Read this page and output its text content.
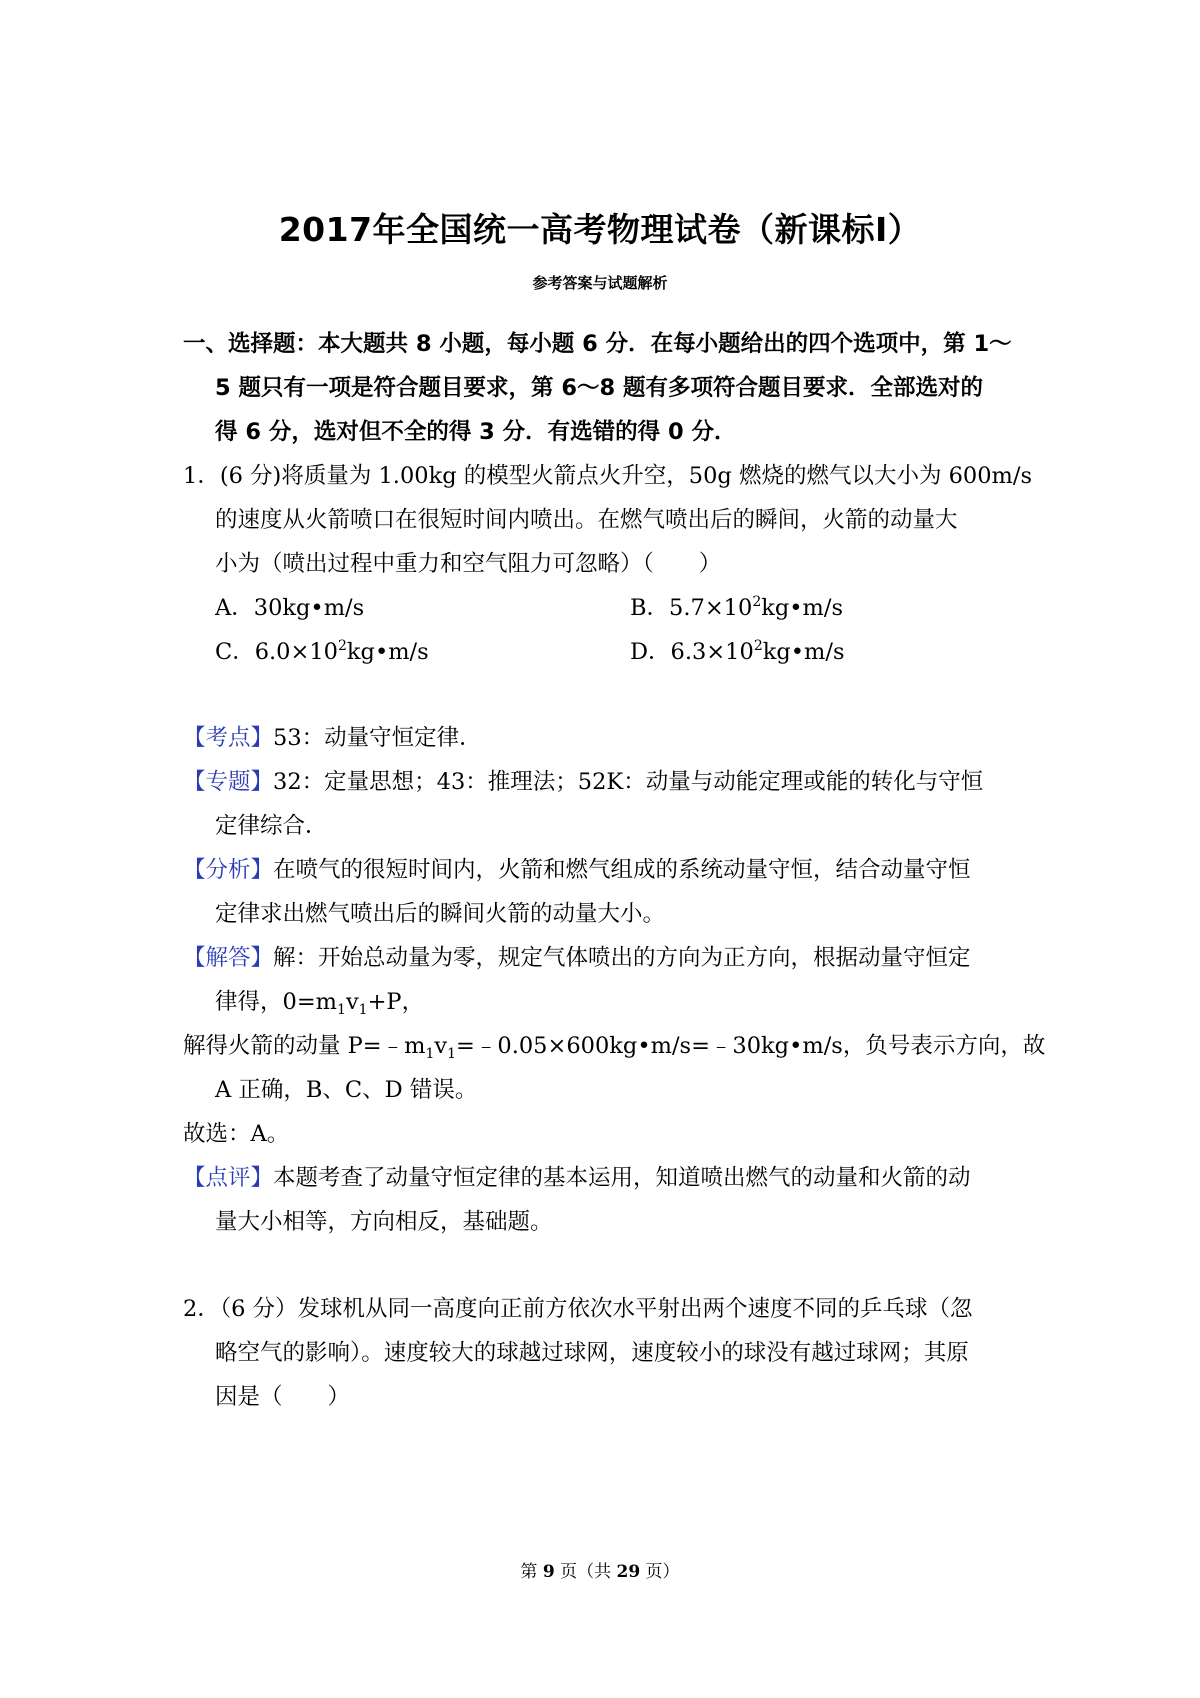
2017年全国统一高考物理试卷（新课标Ⅰ）
参考答案与试题解析
一、选择题：本大题共 8 小题，每小题 6 分．在每小题给出的四个选项中，第 1～
5 题只有一项是符合题目要求，第 6～8 题有多项符合题目要求．全部选对的
得 6 分，选对但不全的得 3 分．有选错的得 0 分．
1．(6 分)将质量为 1.00kg 的模型火箭点火升空，50g 燃烧的燃气以大小为 600m/s
的速度从火箭喷口在很短时间内喷出。在燃气喷出后的瞬间，火箭的动量大
小为（喷出过程中重力和空气阻力可忽略）（　　）
A．30kg•m/s	B．$5.7\times 10^2kg•m/s$
C．$6.0\times 10^2kg•m/s$	D．$6.3\times 10^2kg•m/s$
【考点】53：动量守恒定律．
【专题】32：定量思想；43：推理法；52K：动量与动能定理或能的转化与守恒
定律综合．
【分析】在喷气的很短时间内，火箭和燃气组成的系统动量守恒，结合动量守恒
定律求出燃气喷出后的瞬间火箭的动量大小。
【解答】解：开始总动量为零，规定气体喷出的方向为正方向，根据动量守恒定
律得，$0=m_1v_1+P$，
解得火箭的动量 $P=﹣m_1v_1=﹣0.05\times 600kg•m/s=﹣30kg•m/s$，负号表示方向，故
A 正确，B、C、D 错误。
故选：A。
【点评】本题考查了动量守恒定律的基本运用，知道喷出燃气的动量和火箭的动
量大小相等，方向相反，基础题。
2．（6 分）发球机从同一高度向正前方依次水平射出两个速度不同的乒乓球（忽
略空气的影响）。速度较大的球越过球网，速度较小的球没有越过球网；其原
因是（　　）
第 9 页（共 29 页）
